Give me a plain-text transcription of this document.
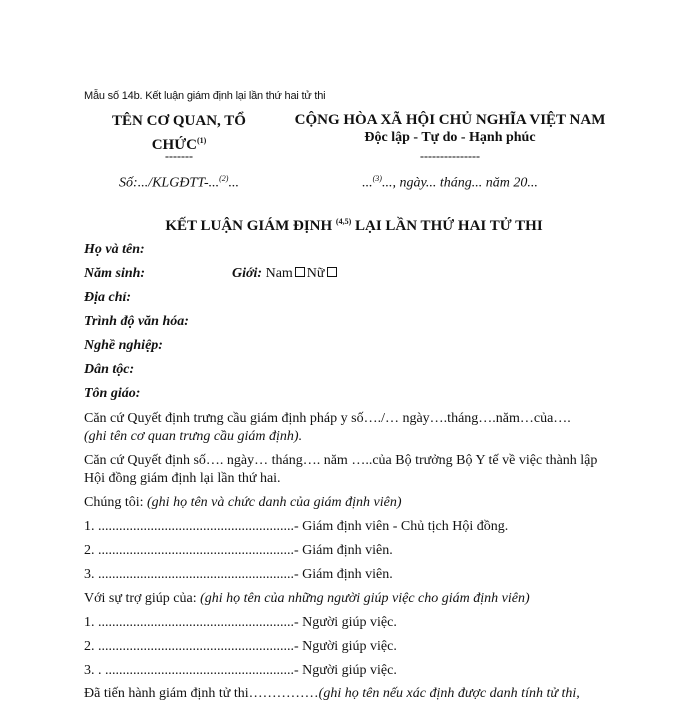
Mẫu số 14b. Kết luận giám định lại lần thứ hai tử thi
TÊN CƠ QUAN, TỔ CHỨC$^{(1)}$
-------
CỘNG HÒA XÃ HỘI CHỦ NGHĨA VIỆT NAM
Độc lập - Tự do - Hạnh phúc
---------------
Số:.../KLGĐTT-...$^{(2)}$...	...$^{(3)}$..., ngày... tháng... năm 20...
KẾT LUẬN GIÁM ĐỊNH $^{(4,5)}$ LẠI LẦN THỨ HAI TỬ THI
Họ và tên:
Năm sinh:	Giới: Nam Nữ
Địa chỉ:
Trình độ văn hóa:
Nghề nghiệp:
Dân tộc:
Tôn giáo:
Căn cứ Quyết định trưng cầu giám định pháp y số…./… ngày….tháng….năm…của….
(ghi tên cơ quan trưng cầu giám định).
Căn cứ Quyết định số…. ngày… tháng…. năm …..của Bộ trưởng Bộ Y tế về việc thành lập Hội đồng giám định lại lần thứ hai.
Chúng tôi: (ghi họ tên và chức danh của giám định viên)
1. ........................................................- Giám định viên - Chủ tịch Hội đồng.
2. ........................................................- Giám định viên.
3. ........................................................- Giám định viên.
Với sự trợ giúp của: (ghi họ tên của những người giúp việc cho giám định viên)
1. ........................................................- Người giúp việc.
2. ........................................................- Người giúp việc.
3. . ......................................................- Người giúp việc.
Đã tiến hành giám định tử thi……………(ghi họ tên nếu xác định được danh tính tử thi,
